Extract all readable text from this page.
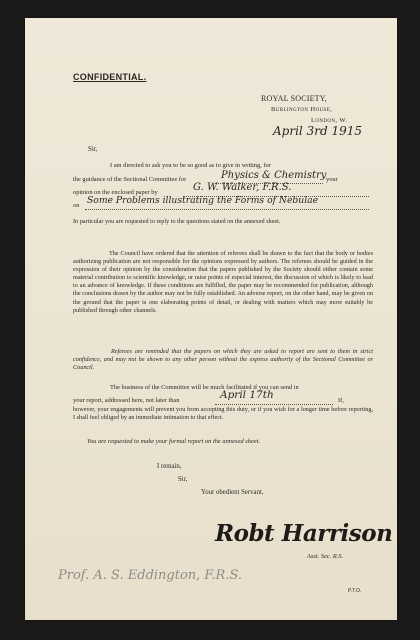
CONFIDENTIAL.
ROYAL SOCIETY,
Burlington House,
London, W.
April 3rd 1915
Sir,
I am directed to ask you to be so good as to give in writing, for
the guidance of the Sectional Committee for	Physics & Chemistry your
opinion on the enclosed paper by	G. W. Walker, F.R.S.
on Some Problems illustrating the Forms of Nebulae
In particular you are requested to reply to the questions stated on the annexed sheet.
The Council have ordered that the attention of referees shall be drawn to the fact that the body or bodies authorizing publication are not responsible for the opinions expressed by authors. The referees should be guided in the expression of their opinion by the consideration that the papers published by the Society should either contain some material contribution to scientific knowledge, or raise points of especial interest, the discussion of which is likely to lead to an advance of knowledge. If these conditions are fulfilled, the paper may be recommended for publication, although the conclusions drawn by the author may not be fully established. An adverse report, on the other hand, may be given on the ground that the paper is one elaborating points of detail, or dealing with matters which may more suitably be published through other channels.
Referees are reminded that the papers on which they are asked to report are sent to them in strict confidence, and may not be shown to any other person without the express authority of the Sectional Committee or Council.
The business of the Committee will be much facilitated if you can send in
your report, addressed here, not later than	April 17th	If,
however, your engagements will prevent you from accepting this duty, or if you wish for a longer time before reporting, I shall feel obliged by an immediate intimation to that effect.
You are requested to make your formal report on the annexed sheet.
I remain,
Sir,
Your obedient Servant,
Robt Harrison
Asst. Sec. R.S.
Prof. A. S. Eddington, F.R.S.
P.T.O.
